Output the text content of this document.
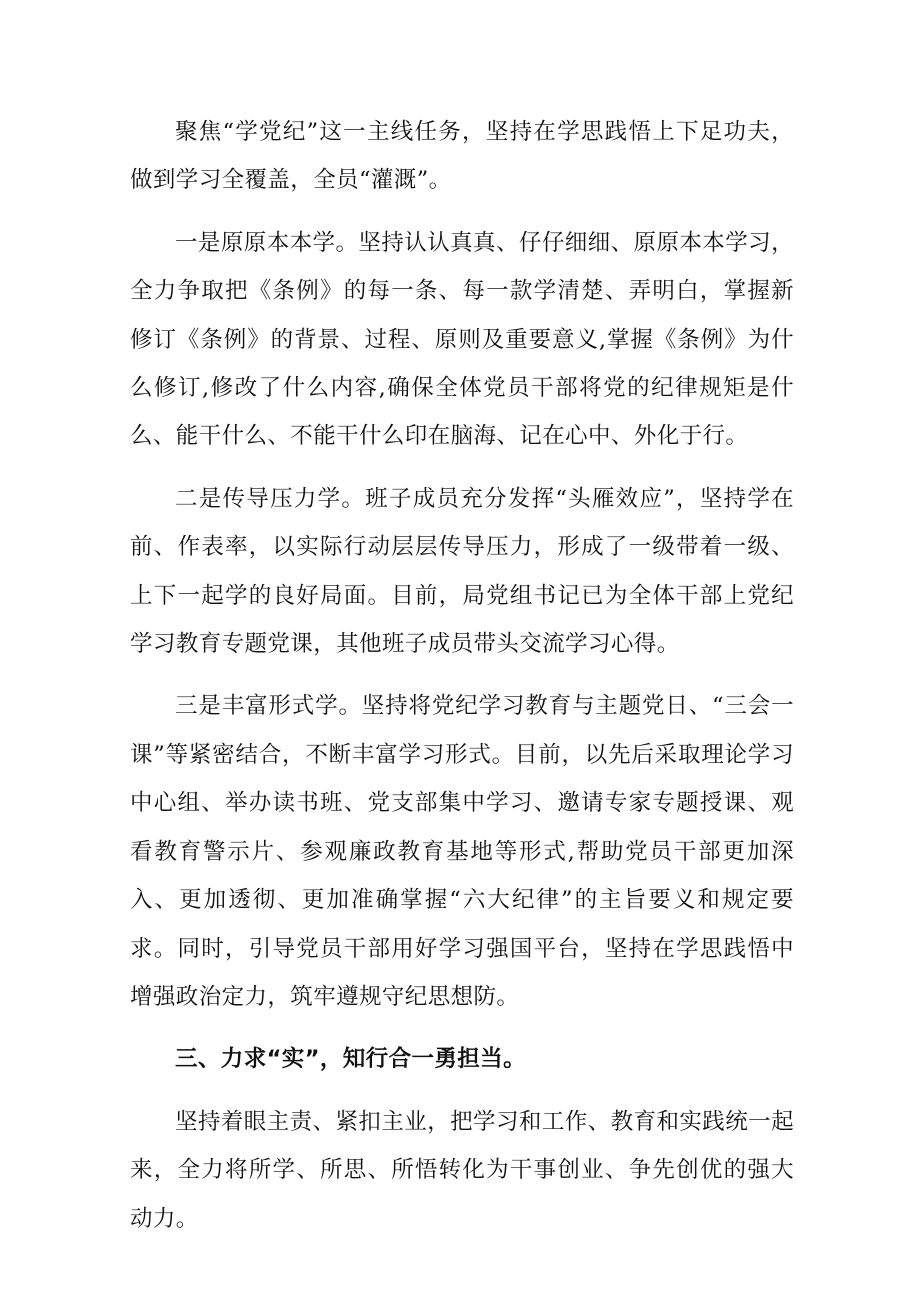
聚焦“学党纪”这一主线任务，坚持在学思践悟上下足功夫，做到学习全覆盖，全员“灌溉”。

一是原原本本学。坚持认认真真、仔仔细细、原原本本学习，全力争取把《条例》的每一条、每一款学清楚、弄明白，掌握新修订《条例》的背景、过程、原则及重要意义,掌握《条例》为什么修订,修改了什么内容,确保全体党员干部将党的纪律规矩是什么、能干什么、不能干什么印在脑海、记在心中、外化于行。

二是传导压力学。班子成员充分发挥“头雁效应”，坚持学在前、作表率，以实际行动层层传导压力，形成了一级带着一级、上下一起学的良好局面。目前，局党组书记已为全体干部上党纪学习教育专题党课，其他班子成员带头交流学习心得。

三是丰富形式学。坚持将党纪学习教育与主题党日、“三会一课”等紧密结合，不断丰富学习形式。目前，以先后采取理论学习中心组、举办读书班、党支部集中学习、邀请专家专题授课、观看教育警示片、参观廉政教育基地等形式,帮助党员干部更加深入、更加透彻、更加准确掌握“六大纪律”的主旨要义和规定要求。同时，引导党员干部用好学习强国平台，坚持在学思践悟中增强政治定力，筑牢遵规守纪思想防。

三、力求“实”，知行合一勇担当。

坚持着眼主责、紧扣主业，把学习和工作、教育和实践统一起来，全力将所学、所思、所悟转化为干事创业、争先创优的强大动力。
